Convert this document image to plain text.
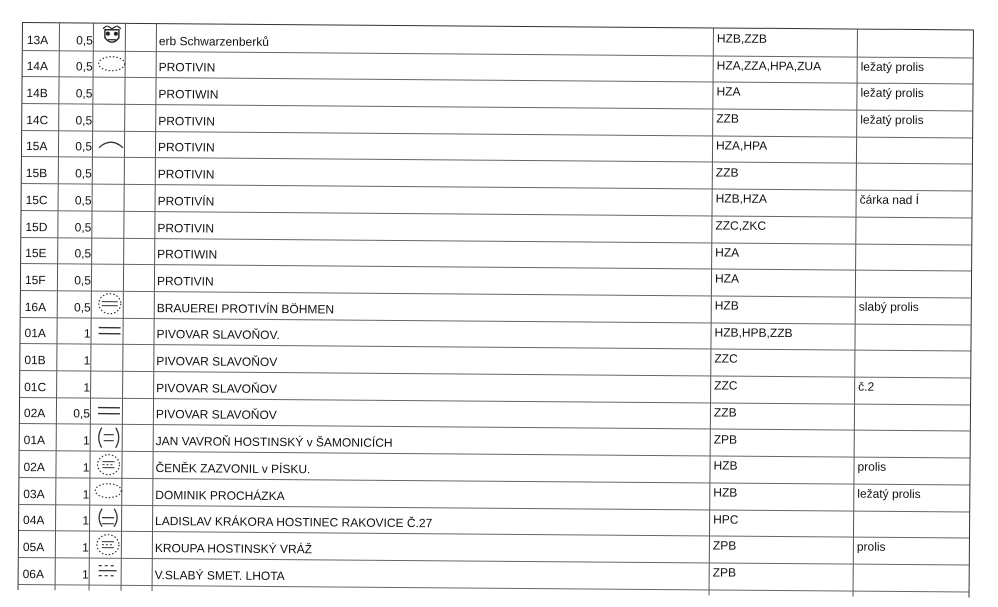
13A	0,5	erb Schwarzenberků	HZB,ZZB
14A	0,5	PROTIVIN	HZA,ZZA,HPA,ZUA	ležatý prolis
14B	0,5	PROTIWIN	HZA	ležatý prolis
14C	0,5	PROTIVIN	ZZB	ležatý prolis
15A	0,5	PROTIVIN	HZA,HPA
15B	0,5	PROTIVIN	ZZB
15C	0,5	PROTIVÍN	HZB,HZA	čárka nad Í
15D	0,5	PROTIVIN	ZZC,ZKC
15E	0,5	PROTIWIN	HZA
15F	0,5	PROTIVIN	HZA
16A	0,5	BRAUEREI PROTIVÍN BÖHMEN	HZB	slabý prolis
01A	1	PIVOVAR SLAVOŇOV.	HZB,HPB,ZZB
01B	1	PIVOVAR SLAVOŇOV	ZZC
01C	1	PIVOVAR SLAVOŇOV	ZZC	č.2
02A	0,5	PIVOVAR SLAVOŇOV	ZZB
01A	1	JAN VAVROŇ HOSTINSKÝ v ŠAMONICÍCH	ZPB
02A	1	ČENĚK ZAZVONIL v PÍSKU.	HZB	prolis
03A	1	DOMINIK PROCHÁZKA	HZB	ležatý prolis
04A	1	LADISLAV KRÁKORA HOSTINEC RAKOVICE Č.27	HPC
05A	1	KROUPA HOSTINSKÝ VRÁŽ	ZPB	prolis
06A	1	V.SLABÝ SMET. LHOTA	ZPB
